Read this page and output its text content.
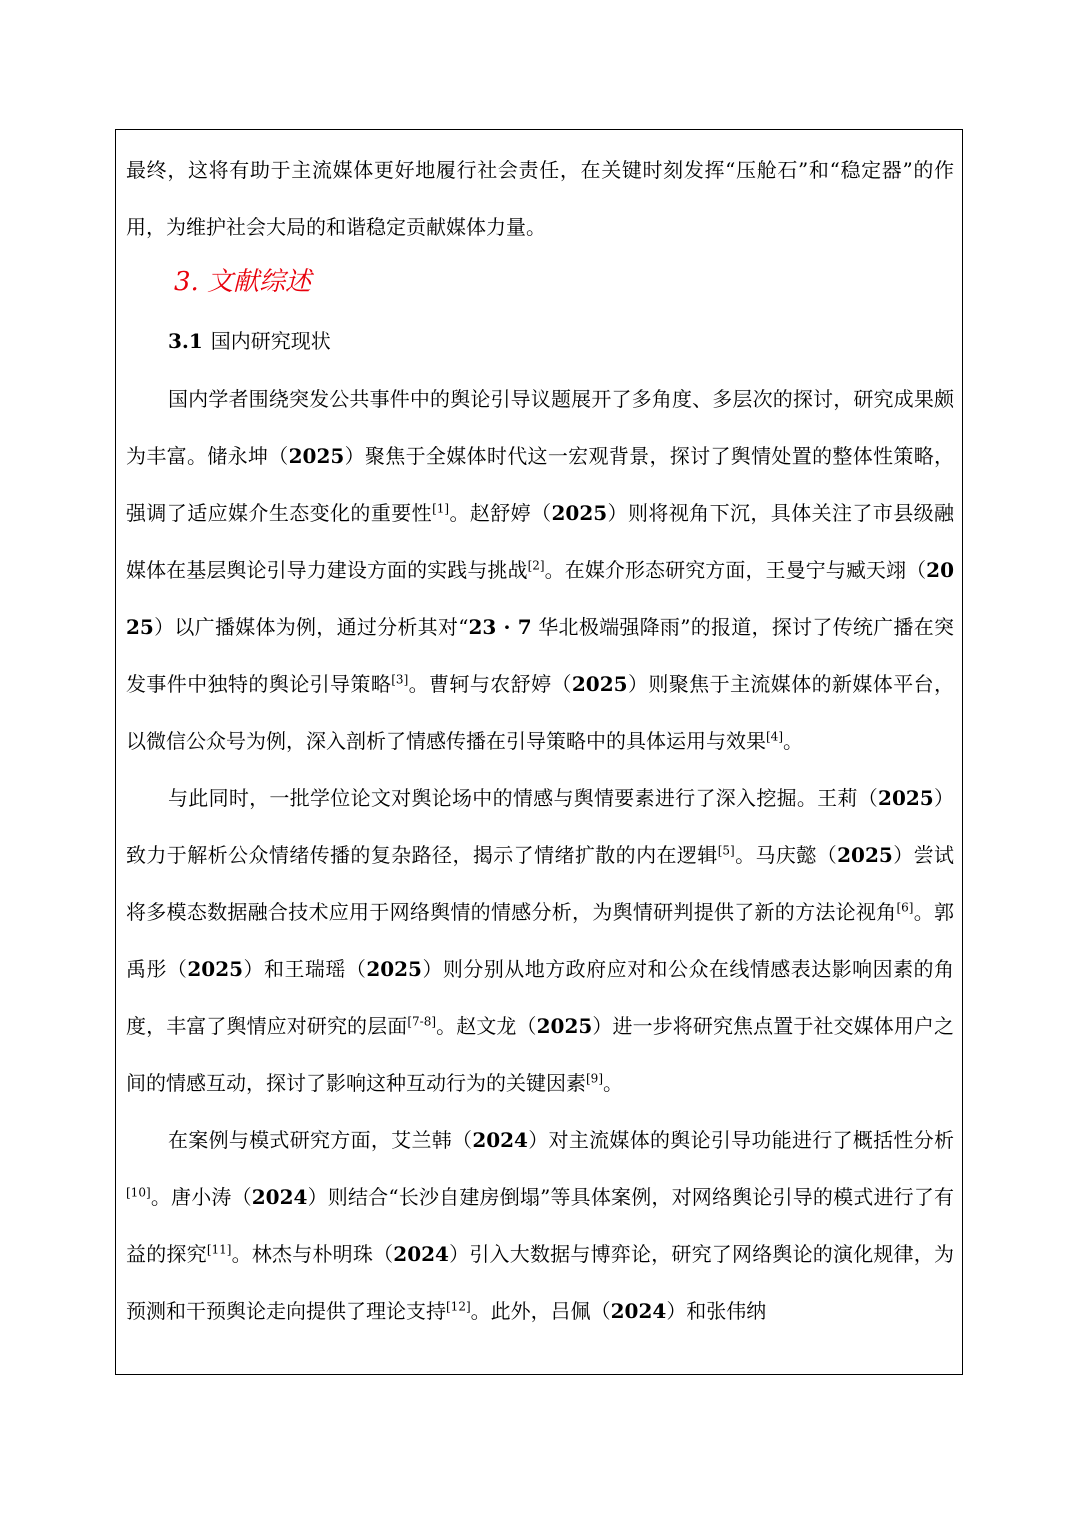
最终，这将有助于主流媒体更好地履行社会责任，在关键时刻发挥“压舱石”和“稳定器”的作用，为维护社会大局的和谐稳定贡献媒体力量。

3. 文献综述
3.1 国内研究现状

国内学者围绕突发公共事件中的舆论引导议题展开了多角度、多层次的探讨，研究成果颇为丰富。储永坤（2025）聚焦于全媒体时代这一宏观背景，探讨了舆情处置的整体性策略，强调了适应媒介生态变化的重要性[1]。赵舒婷（2025）则将视角下沉，具体关注了市县级融媒体在基层舆论引导力建设方面的实践与挑战[2]。在媒介形态研究方面，王曼宁与臧天翊（2025）以广播媒体为例，通过分析其对“23 · 7 华北极端强降雨”的报道，探讨了传统广播在突发事件中独特的舆论引导策略[3]。曹轲与农舒婷（2025）则聚焦于主流媒体的新媒体平台，以微信公众号为例，深入剖析了情感传播在引导策略中的具体运用与效果[4]。

与此同时，一批学位论文对舆论场中的情感与舆情要素进行了深入挖掘。王莉（2025）致力于解析公众情绪传播的复杂路径，揭示了情绪扩散的内在逻辑[5]。马庆懿（2025）尝试将多模态数据融合技术应用于网络舆情的情感分析，为舆情研判提供了新的方法论视角[6]。郭禹彤（2025）和王瑞瑶（2025）则分别从地方政府应对和公众在线情感表达影响因素的角度，丰富了舆情应对研究的层面[7-8]。赵文龙（2025）进一步将研究焦点置于社交媒体用户之间的情感互动，探讨了影响这种互动行为的关键因素[9]。

在案例与模式研究方面，艾兰韩（2024）对主流媒体的舆论引导功能进行了概括性分析[10]。唐小涛（2024）则结合“长沙自建房倒塌”等具体案例，对网络舆论引导的模式进行了有益的探究[11]。林杰与朴明珠（2024）引入大数据与博弈论，研究了网络舆论的演化规律，为预测和干预舆论走向提供了理论支持[12]。此外，吕佩（2024）和张伟纳
